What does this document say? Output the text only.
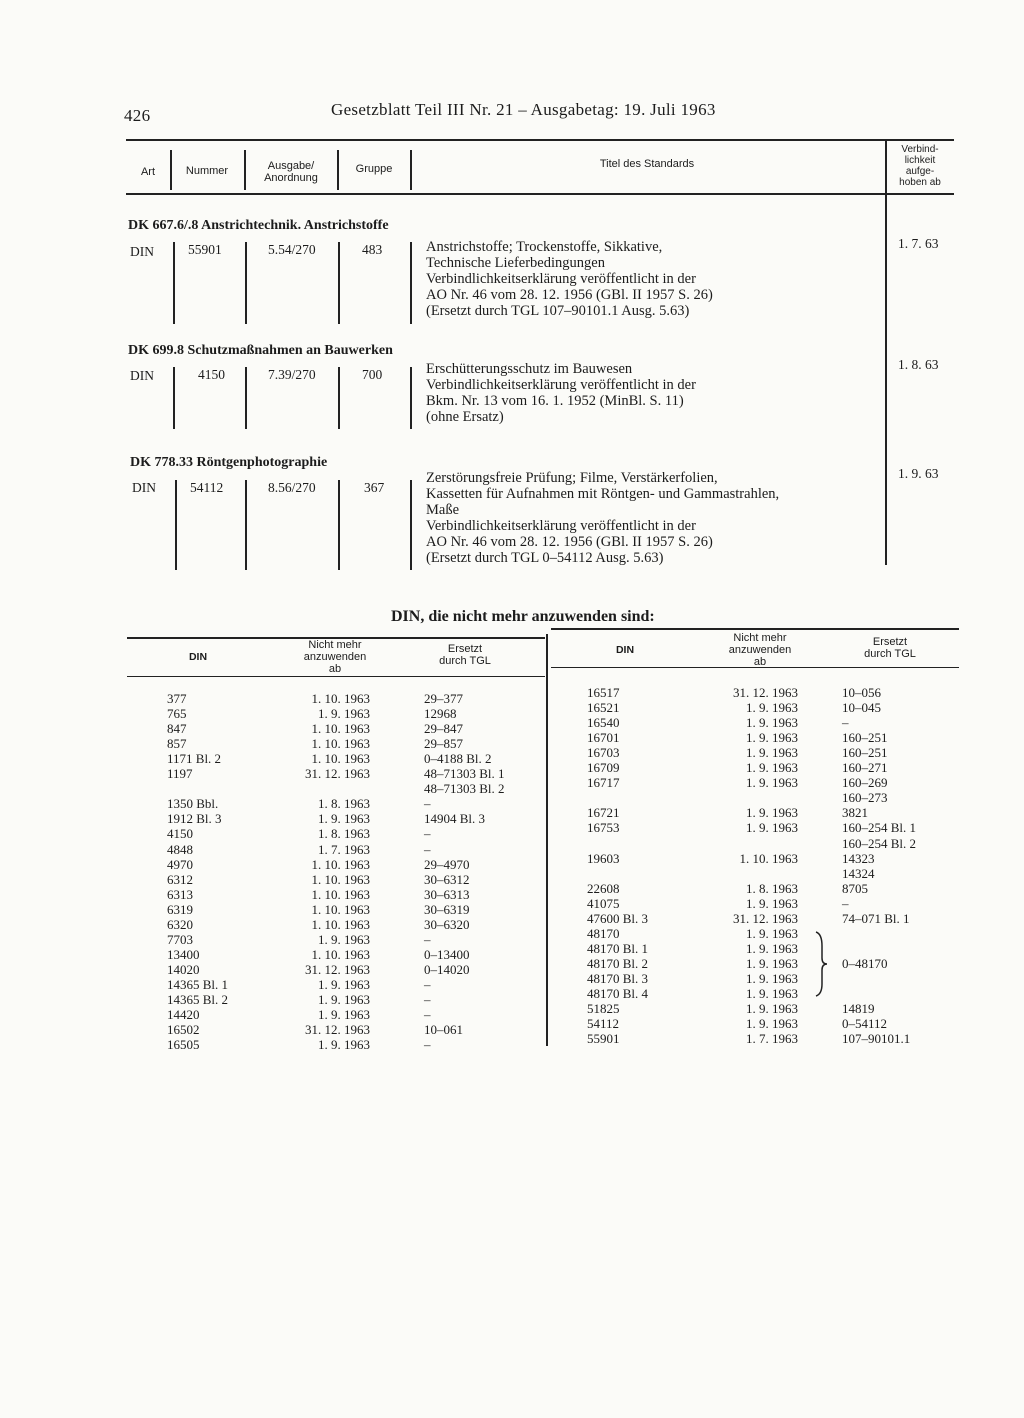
426	Gesetzblatt Teil III Nr. 21 – Ausgabetag: 19. Juli 1963
Art	Nummer	Ausgabe/
Anordnung
Gruppe	Titel des Standards
Verbind-
lichkeit
aufge-
hoben ab
DK 667.6/.8 Anstrichtechnik. Anstrichstoffe
DIN	55901	5.54/270	483	Anstrichstoffe; Trockenstoffe, Sikkative,
Technische Lieferbedingungen
Verbindlichkeitserklärung veröffentlicht in der
AO Nr. 46 vom 28. 12. 1956 (GBl. II 1957 S. 26)
(Ersetzt durch TGL 107–90101.1 Ausg. 5.63)
1. 7. 63
DK 699.8 Schutzmaßnahmen an Bauwerken
DIN	4150	7.39/270	700	Erschütterungsschutz im Bauwesen
Verbindlichkeitserklärung veröffentlicht in der
Bkm. Nr. 13 vom 16. 1. 1952 (MinBl. S. 11)
(ohne Ersatz)
1. 8. 63
DK 778.33 Röntgenphotographie
DIN	54112	8.56/270	367
Zerstörungsfreie Prüfung; Filme, Verstärkerfolien,
Kassetten für Aufnahmen mit Röntgen- und Gammastrahlen,
Maße
Verbindlichkeitserklärung veröffentlicht in der
AO Nr. 46 vom 28. 12. 1956 (GBl. II 1957 S. 26)
(Ersetzt durch TGL 0–54112 Ausg. 5.63)
1. 9. 63
DIN, die nicht mehr anzuwenden sind:
DIN
Nicht mehr
anzuwenden
ab
Ersetzt
durch TGL
DIN
Nicht mehr
anzuwenden
ab
Ersetzt
durch TGL
377	1. 10. 1963	29–377
765	1. 9. 1963	12968
847	1. 10. 1963	29–847
857	1. 10. 1963	29–857
1171 Bl. 2	1. 10. 1963	0–4188 Bl. 2
1197	31. 12. 1963	48–71303 Bl. 1
48–71303 Bl. 2
1350 Bbl.	1. 8. 1963	–
1912 Bl. 3	1. 9. 1963	14904 Bl. 3
4150	1. 8. 1963	–
4848	1. 7. 1963	–
4970	1. 10. 1963	29–4970
6312	1. 10. 1963	30–6312
6313	1. 10. 1963	30–6313
6319	1. 10. 1963	30–6319
6320	1. 10. 1963	30–6320
7703	1. 9. 1963	–
13400	1. 10. 1963	0–13400
14020	31. 12. 1963	0–14020
14365 Bl. 1	1. 9. 1963	–
14365 Bl. 2	1. 9. 1963	–
14420	1. 9. 1963	–
16502	31. 12. 1963	10–061
16505	1. 9. 1963	–
16517	31. 12. 1963	10–056
16521	1. 9. 1963	10–045
16540	1. 9. 1963	–
16701	1. 9. 1963	160–251
16703	1. 9. 1963	160–251
16709	1. 9. 1963	160–271
16717	1. 9. 1963	160–269
160–273
16721	1. 9. 1963	3821
16753	1. 9. 1963	160–254 Bl. 1
160–254 Bl. 2
19603	1. 10. 1963	14323
14324
22608	1. 8. 1963	8705
41075	1. 9. 1963	–
47600 Bl. 3	31. 12. 1963	74–071 Bl. 1
48170	1. 9. 1963
48170 Bl. 1	1. 9. 1963
48170 Bl. 2	1. 9. 1963	0–48170
48170 Bl. 3	1. 9. 1963
48170 Bl. 4	1. 9. 1963
51825	1. 9. 1963	14819
54112	1. 9. 1963	0–54112
55901	1. 7. 1963	107–90101.1
